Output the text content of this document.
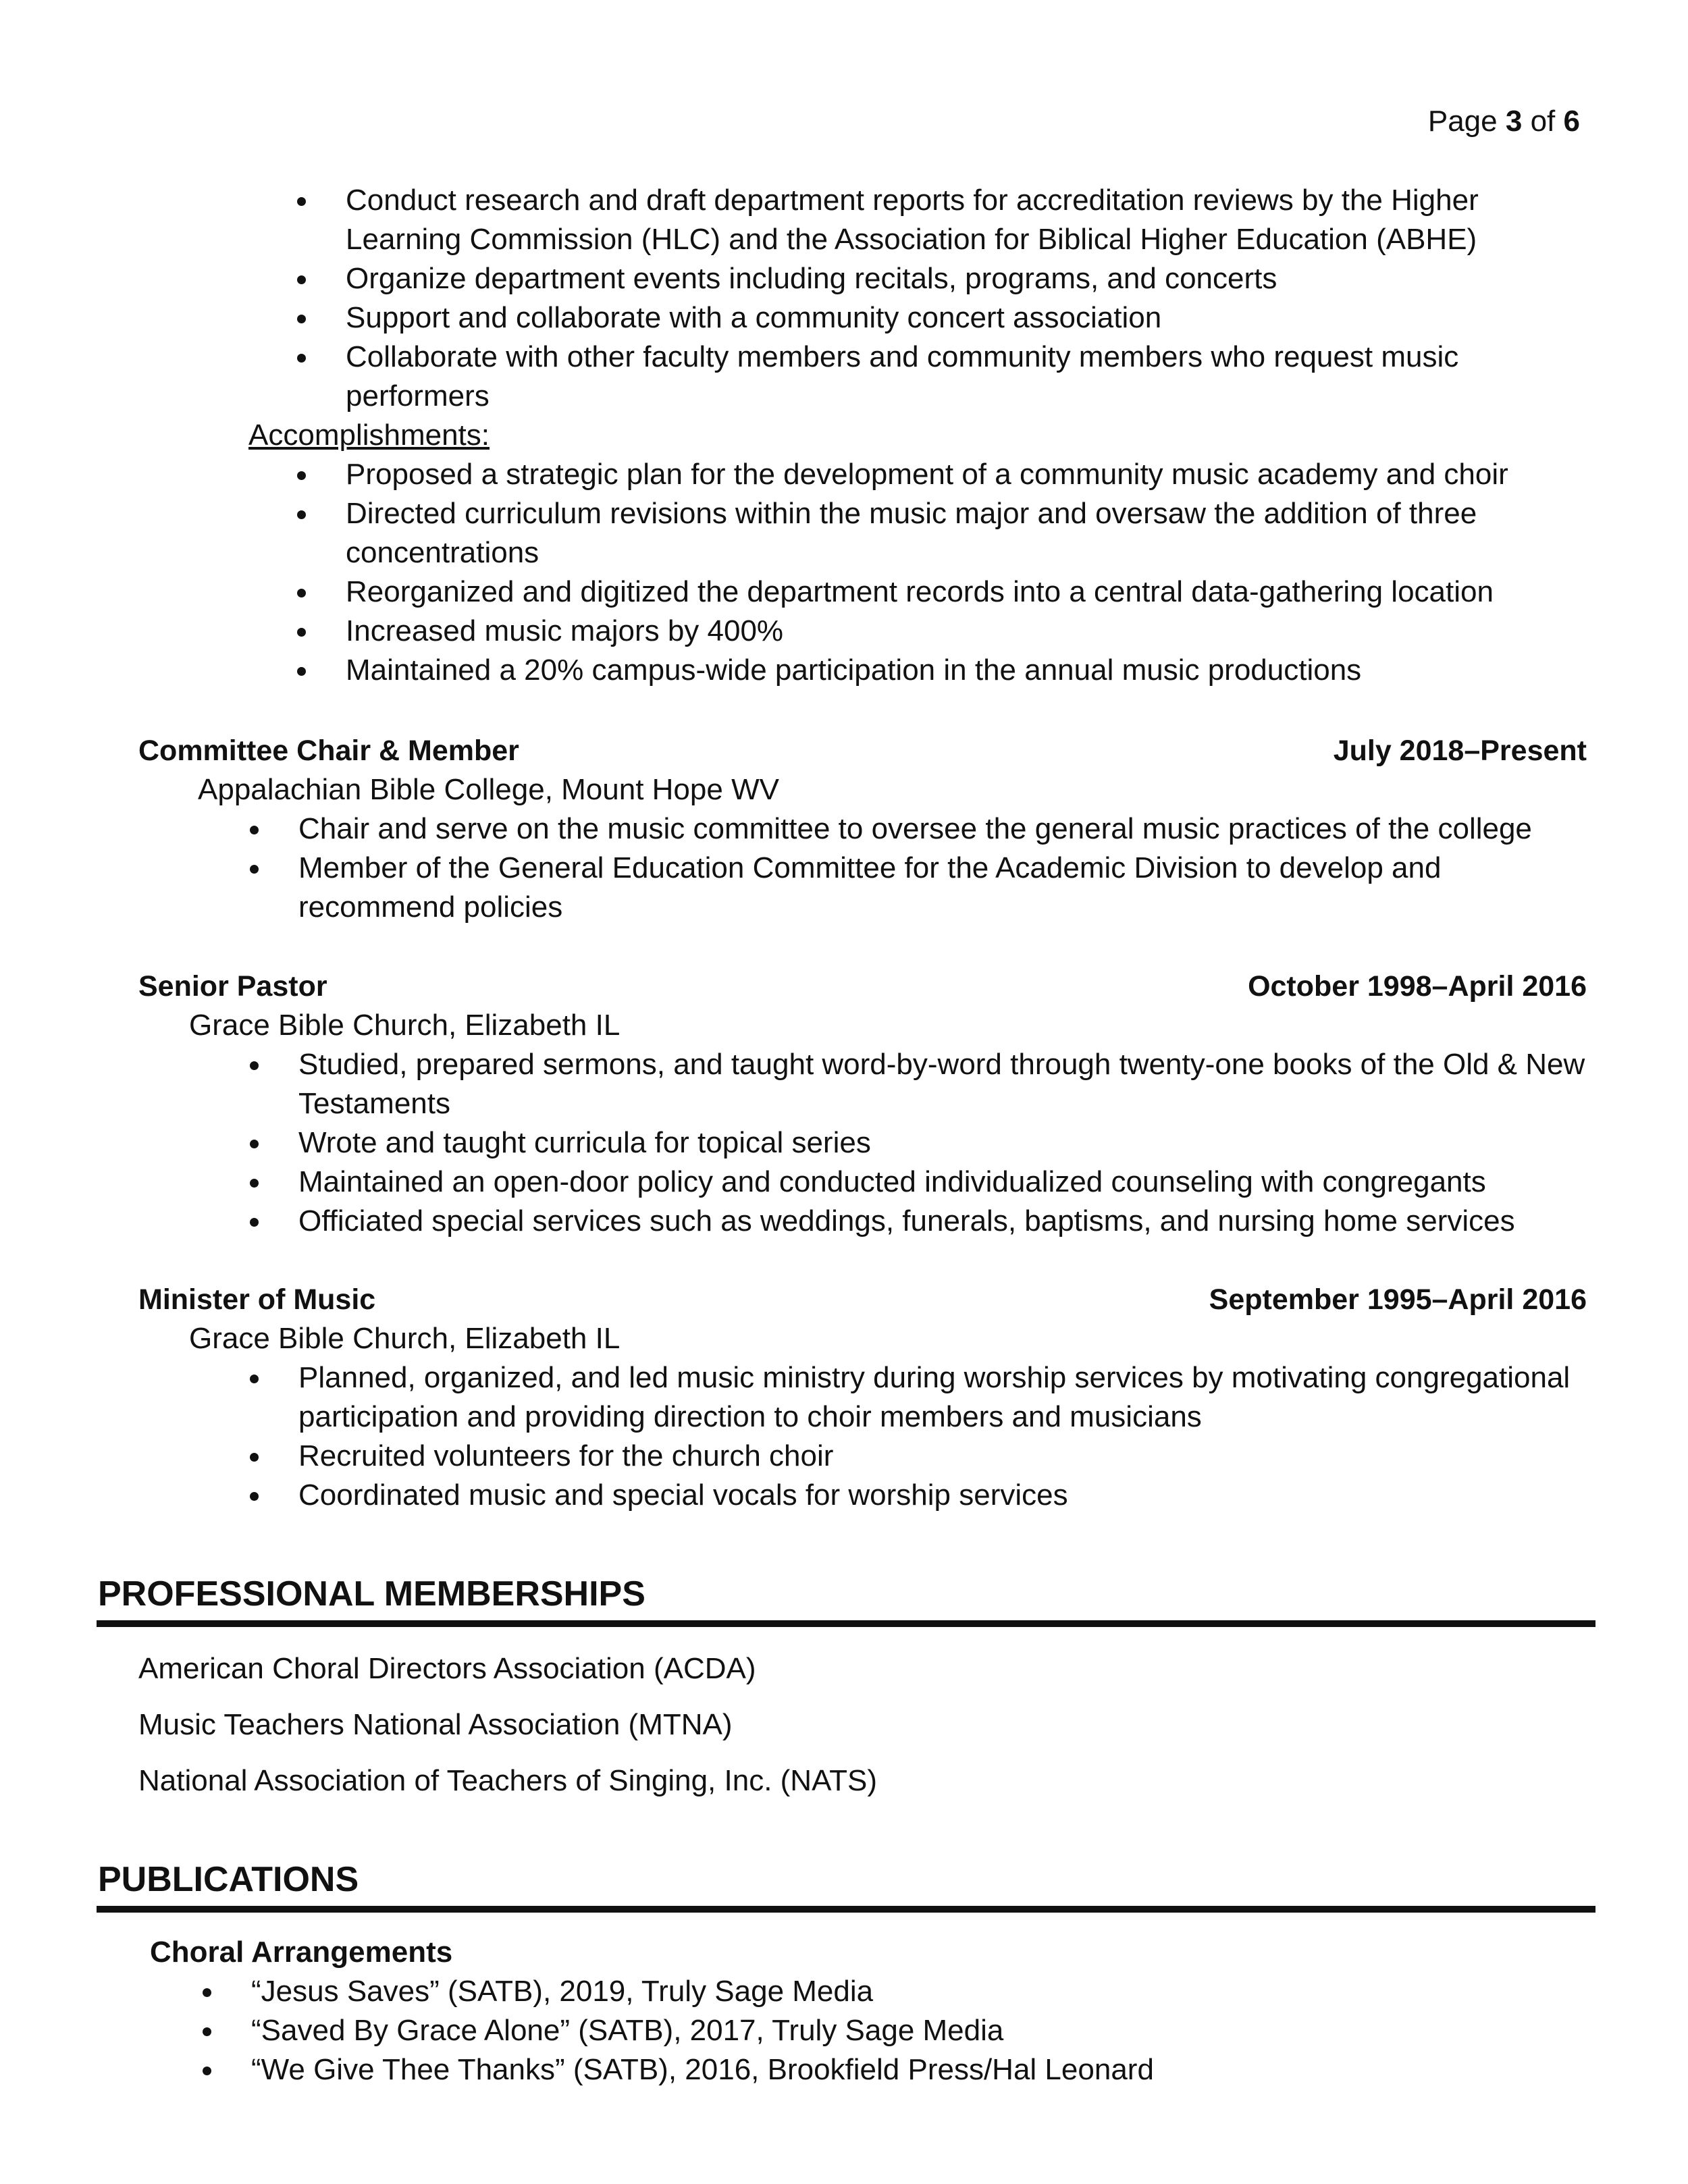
Page 3 of 6
Conduct research and draft department reports for accreditation reviews by the Higher Learning Commission (HLC) and the Association for Biblical Higher Education (ABHE)
Organize department events including recitals, programs, and concerts
Support and collaborate with a community concert association
Collaborate with other faculty members and community members who request music performers
Accomplishments:
Proposed a strategic plan for the development of a community music academy and choir
Directed curriculum revisions within the music major and oversaw the addition of three concentrations
Reorganized and digitized the department records into a central data-gathering location
Increased music majors by 400%
Maintained a 20% campus-wide participation in the annual music productions
Committee Chair & Member	July 2018–Present
Appalachian Bible College, Mount Hope WV
Chair and serve on the music committee to oversee the general music practices of the college
Member of the General Education Committee for the Academic Division to develop and recommend policies
Senior Pastor	October 1998–April 2016
Grace Bible Church, Elizabeth IL
Studied, prepared sermons, and taught word-by-word through twenty-one books of the Old & New Testaments
Wrote and taught curricula for topical series
Maintained an open-door policy and conducted individualized counseling with congregants
Officiated special services such as weddings, funerals, baptisms, and nursing home services
Minister of Music	September 1995–April 2016
Grace Bible Church, Elizabeth IL
Planned, organized, and led music ministry during worship services by motivating congregational participation and providing direction to choir members and musicians
Recruited volunteers for the church choir
Coordinated music and special vocals for worship services
PROFESSIONAL MEMBERSHIPS
American Choral Directors Association (ACDA)
Music Teachers National Association (MTNA)
National Association of Teachers of Singing, Inc. (NATS)
PUBLICATIONS
Choral Arrangements
“Jesus Saves” (SATB), 2019, Truly Sage Media
“Saved By Grace Alone” (SATB), 2017, Truly Sage Media
“We Give Thee Thanks” (SATB), 2016, Brookfield Press/Hal Leonard
